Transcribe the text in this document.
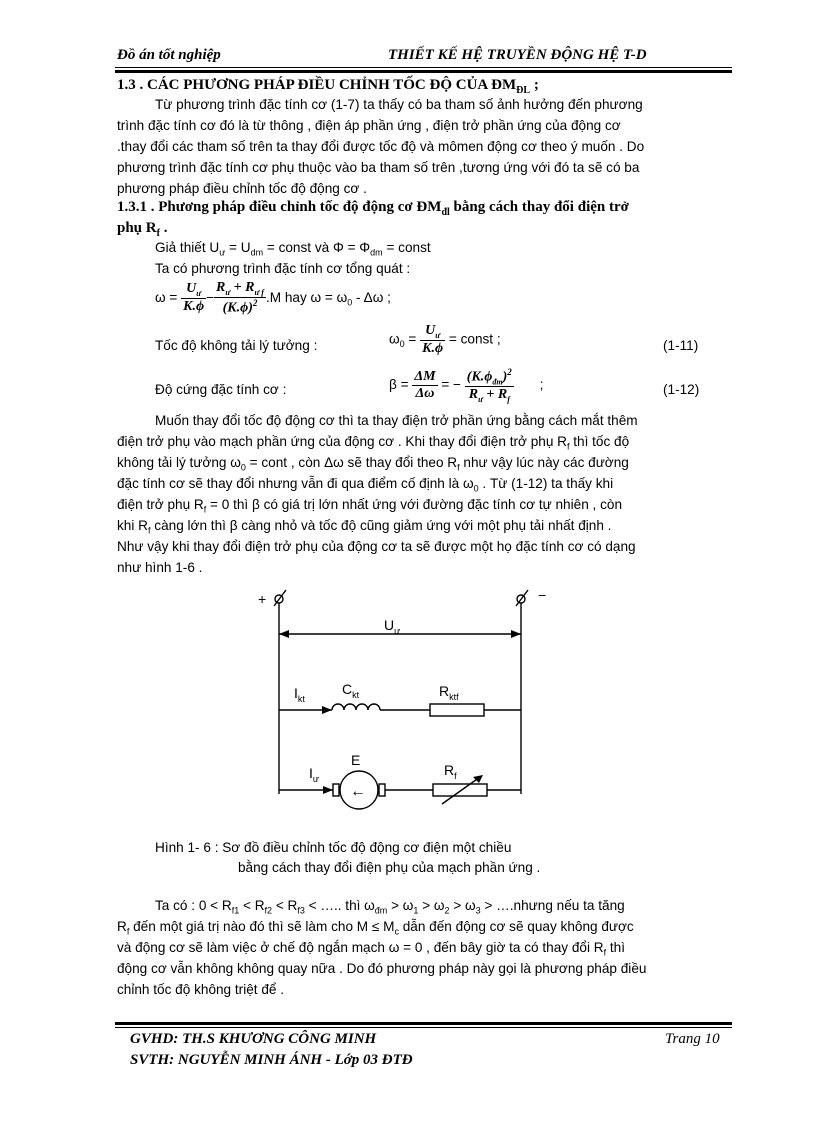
Đồ án tốt nghiệp	THIẾT KẾ HỆ TRUYỀN ĐỘNG HỆ T-D
1.3 . CÁC PHƯƠNG PHÁP ĐIỀU CHỈNH TỐC ĐỘ CỦA $ĐM_{ĐL}$ ;
Từ phương trình đặc tính cơ (1-7) ta thấy có ba tham số ảnh hưởng đến phương
trình đặc tính cơ đó là từ thông , điện áp phần ứng , điện trở phần ứng của động cơ
.thay đổi các tham số trên ta thay đổi được tốc độ và mômen động cơ theo ý muốn . Do
phương trình đặc tính cơ phụ thuộc vào ba tham số trên ,tương ứng với đó ta sẽ có ba
phương pháp điều chỉnh tốc độ động cơ .
1.3.1 . Phương pháp điều chỉnh tốc độ động cơ $ĐM_{đl}$ bằng cách thay đổi điện trở
phụ $R_f$ .
Giả thiết $U_ư = U_{dm}$ = const và $\Phi = \Phi_{dm}$ = const
Ta có phương trình đặc tính cơ tổng quát :
$\omega = \frac{U_ư}{K.\phi} - \frac{R_ư + R_{ư f}}{(K.\phi)^2} .M$ hay $\omega = \omega_0 - \Delta\omega$ ;
Tốc độ không tải lý tưởng :	$\omega_0 = \frac{U_ư}{K.\phi}$ = const ;	(1-11)
Độ cứng đặc tính cơ :	$\beta = \frac{\Delta M}{\Delta\omega}$ = − $\frac{(K.\phi_{đm})^2}{R_ư + R_f}$ ;	(1-12)
Muốn thay đổi tốc độ động cơ thì ta thay điện trở phần ứng bằng cách mắt thêm
điện trở phụ vào mạch phần ứng của động cơ . Khi thay đổi điện trở phụ $R_f$ thì tốc độ
không tải lý tưởng $\omega_0$ = cont , còn Δω sẽ thay đổi theo $R_f$ như vậy lúc này các đường
đặc tính cơ sẽ thay đổi nhưng vẫn đi qua điểm cố định là $\omega_0$ . Từ (1-12) ta thấy khi
điện trở phụ $R_f = 0$ thì β có giá trị lớn nhất ứng với đường đặc tính cơ tự nhiên , còn
khi $R_f$ càng lớn thì β càng nhỏ và tốc độ cũng giảm ứng với một phụ tải nhất định .
Như vậy khi thay đổi điện trở phụ của động cơ ta sẽ được một họ đặc tính cơ có dạng
như hình 1-6 .
+	−
$U_ư$
$I_{kt}$
$C_{kt}$	$R_{ktf}$
$I_ư$
E
←
$R_f$
Hình 1- 6 : Sơ đồ điều chỉnh tốc độ động cơ điện một chiều
bằng cách thay đổi điện phụ của mạch phần ứng .
Ta có : $0 < R_{f1} < R_{f2} < R_{f3}$ < ….. thì $\omega_{đm} > \omega_1 > \omega_2 > \omega_3$ > ….nhưng nếu ta tăng
$R_f$ đến một giá trị nào đó thì sẽ làm cho $M \le M_c$ dẫn đến động cơ sẽ quay không được
và động cơ sẽ làm việc ở chế độ ngắn mạch ω = 0 , đến bây giờ ta có thay đổi $R_f$ thì
động cơ vẫn không không quay nữa . Do đó phương pháp này gọi là phương pháp điều
chỉnh tốc độ không triệt để .
GVHD: TH.S KHƯƠNG CÔNG MINH
SVTH: NGUYỄN MINH ÁNH - Lớp 03 ĐTĐ
Trang 10
